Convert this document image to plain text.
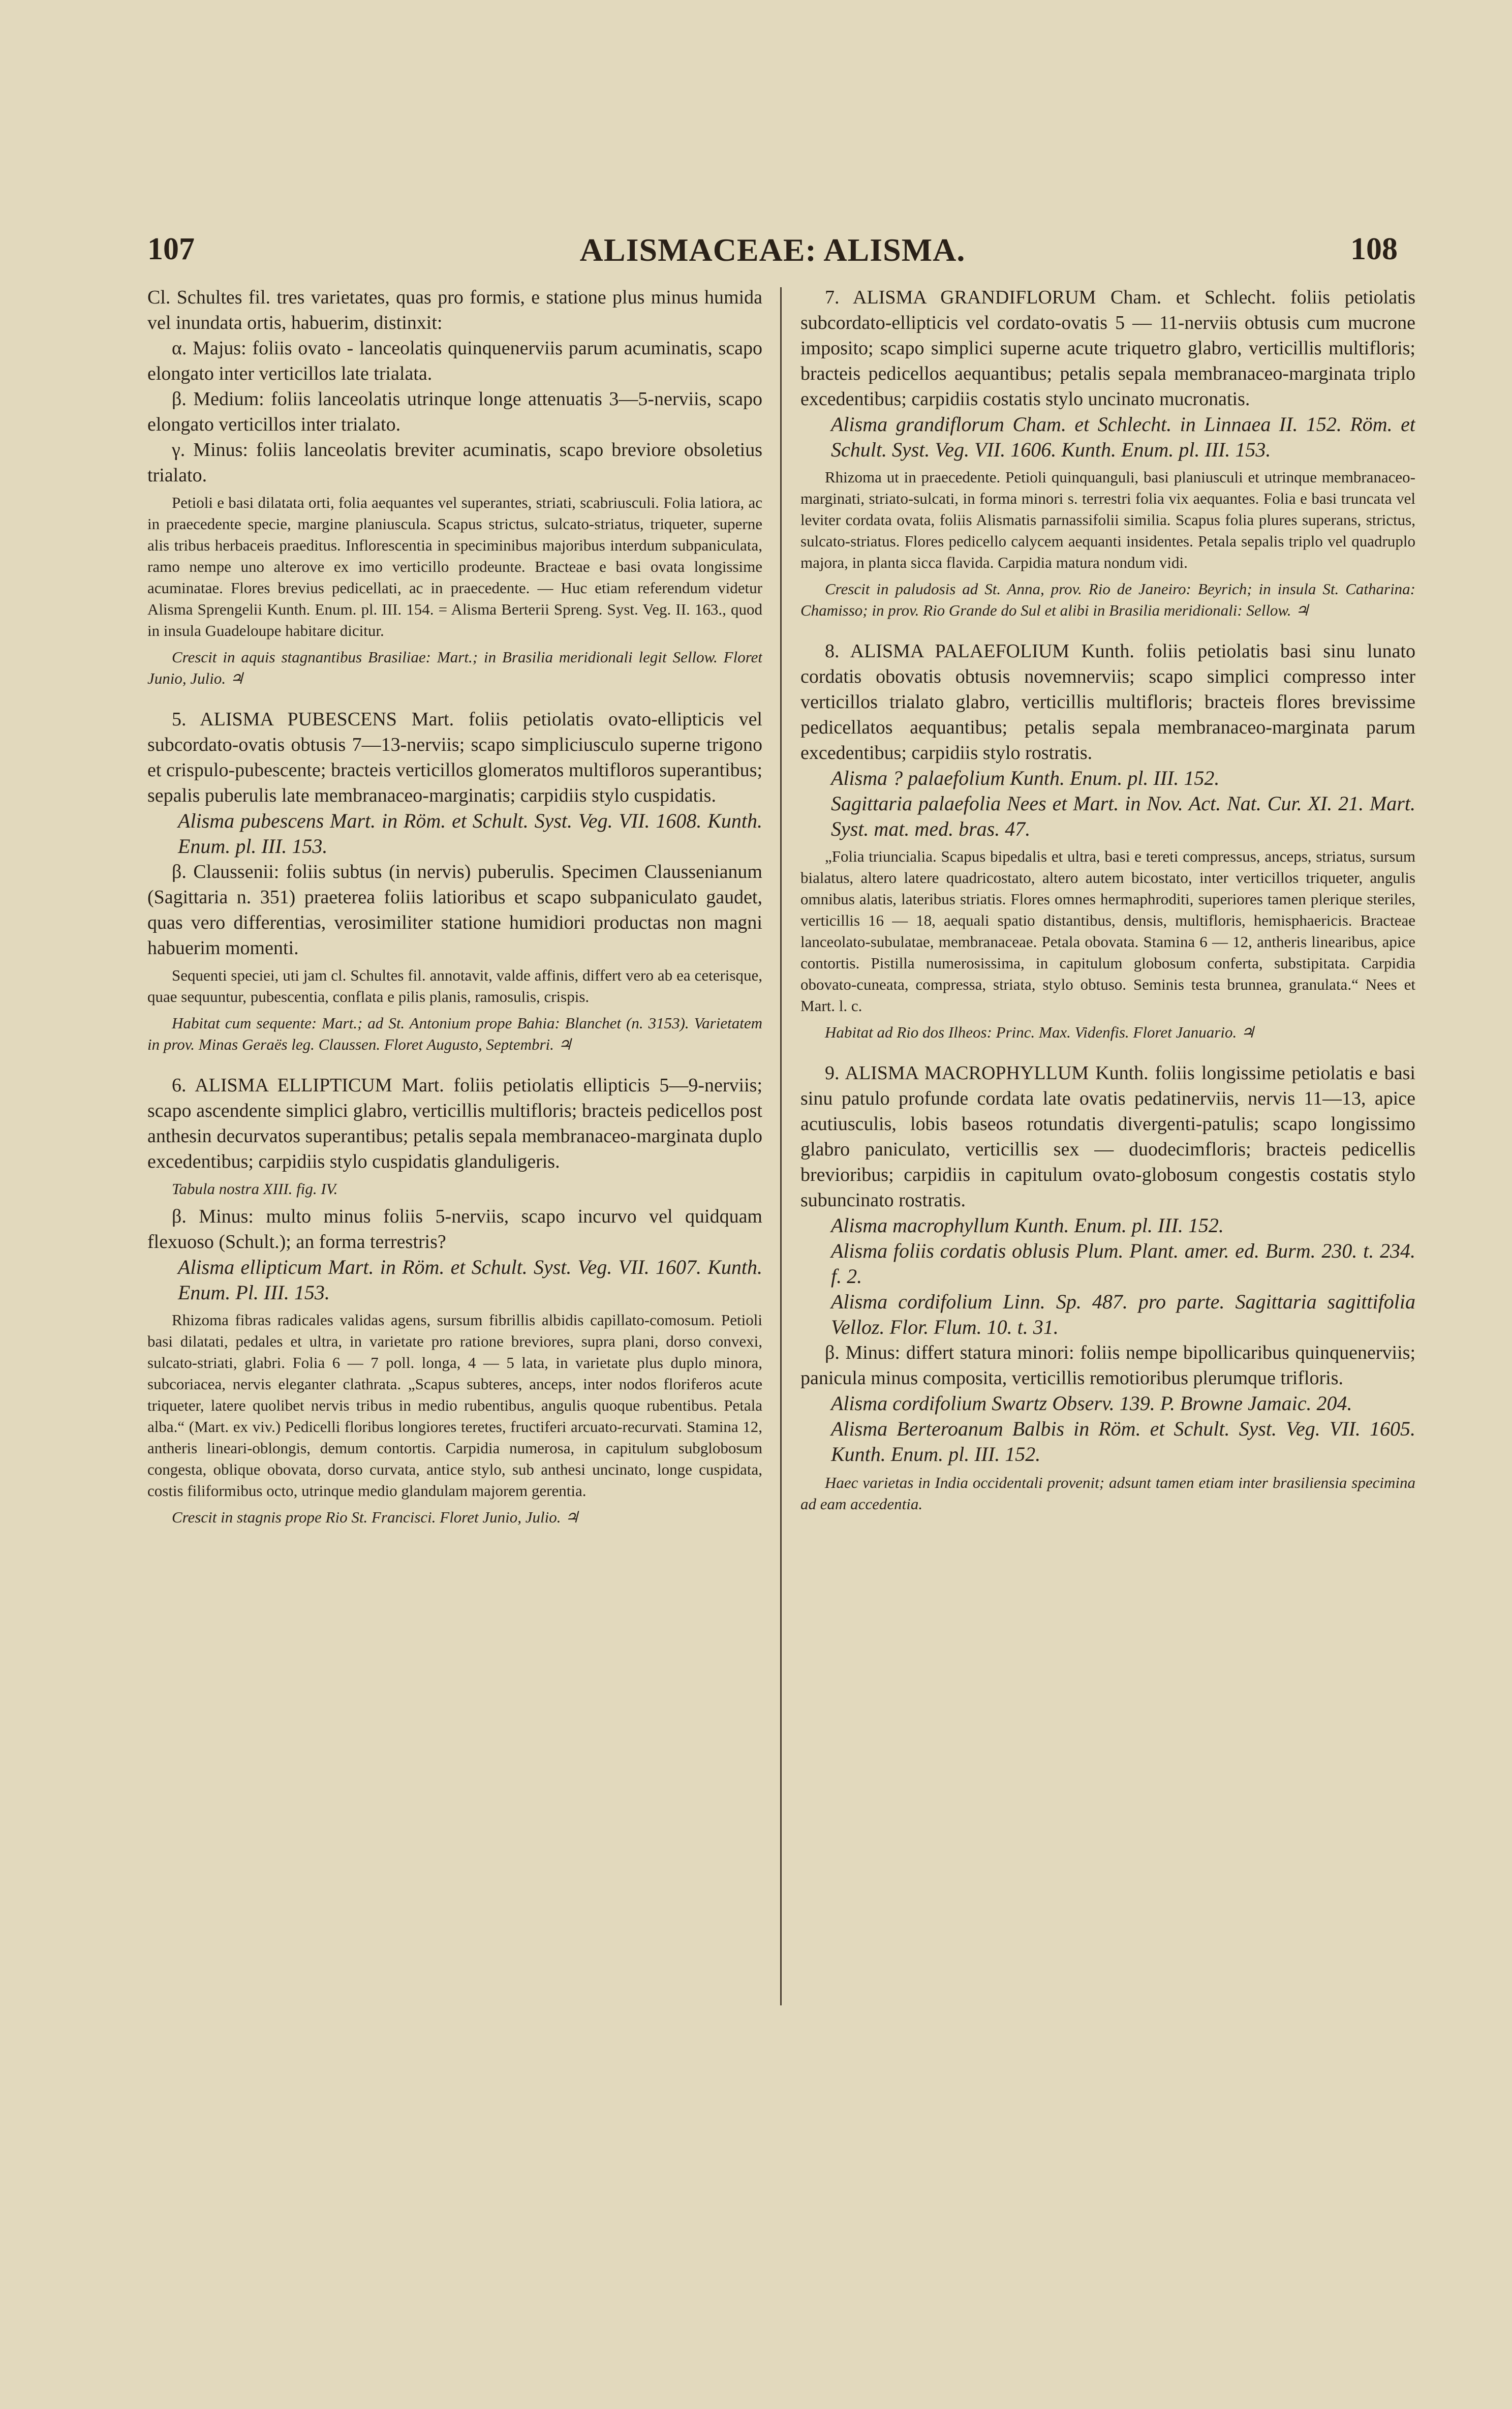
107	ALISMACEAE: ALISMA.	108

Cl. Schultes fil. tres varietates, quas pro formis, e statione plus minus humida vel inundata ortis, habuerim, distinxit:

α. Majus: foliis ovato - lanceolatis quinquenerviis parum acuminatis, scapo elongato inter verticillos late trialata.

β. Medium: foliis lanceolatis utrinque longe attenuatis 3—5-nerviis, scapo elongato verticillos inter trialato.

γ. Minus: foliis lanceolatis breviter acuminatis, scapo breviore obsoletius trialato.

Petioli e basi dilatata orti, folia aequantes vel superantes, striati, scabriusculi. Folia latiora, ac in praecedente specie, margine planiuscula. Scapus strictus, sulcato-striatus, triqueter, superne alis tribus herbaceis praeditus. Inflorescentia in speciminibus majoribus interdum subpaniculata, ramo nempe uno alterove ex imo verticillo prodeunte. Bracteae e basi ovata longissime acuminatae. Flores brevius pedicellati, ac in praecedente. — Huc etiam referendum videtur Alisma Sprengelii Kunth. Enum. pl. III. 154. = Alisma Berterii Spreng. Syst. Veg. II. 163., quod in insula Guadeloupe habitare dicitur.

Crescit in aquis stagnantibus Brasiliae: Mart.; in Brasilia meridionali legit Sellow. Floret Junio, Julio. ♃

5. ALISMA PUBESCENS Mart. foliis petiolatis ovato-ellipticis vel subcordato-ovatis obtusis 7—13-nerviis; scapo simpliciusculo superne trigono et crispulo-pubescente; bracteis verticillos glomeratos multifloros superantibus; sepalis puberulis late membranaceo-marginatis; carpidiis stylo cuspidatis.

Alisma pubescens Mart. in Röm. et Schult. Syst. Veg. VII. 1608. Kunth. Enum. pl. III. 153.

β. Claussenii: foliis subtus (in nervis) puberulis. Specimen Claussenianum (Sagittaria n. 351) praeterea foliis latioribus et scapo subpaniculato gaudet, quas vero differentias, verosimiliter statione humidiori productas non magni habuerim momenti.

Sequenti speciei, uti jam cl. Schultes fil. annotavit, valde affinis, differt vero ab ea ceterisque, quae sequuntur, pubescentia, conflata e pilis planis, ramosulis, crispis.

Habitat cum sequente: Mart.; ad St. Antonium prope Bahia: Blanchet (n. 3153). Varietatem in prov. Minas Geraës leg. Claussen. Floret Augusto, Septembri. ♃

6. ALISMA ELLIPTICUM Mart. foliis petiolatis ellipticis 5—9-nerviis; scapo ascendente simplici glabro, verticillis multifloris; bracteis pedicellos post anthesin decurvatos superantibus; petalis sepala membranaceo-marginata duplo excedentibus; carpidiis stylo cuspidatis glanduligeris.

Tabula nostra XIII. fig. IV.

β. Minus: multo minus foliis 5-nerviis, scapo incurvo vel quidquam flexuoso (Schult.); an forma terrestris?

Alisma ellipticum Mart. in Röm. et Schult. Syst. Veg. VII. 1607. Kunth. Enum. Pl. III. 153.

Rhizoma fibras radicales validas agens, sursum fibrillis albidis capillato-comosum. Petioli basi dilatati, pedales et ultra, in varietate pro ratione breviores, supra plani, dorso convexi, sulcato-striati, glabri. Folia 6 — 7 poll. longa, 4 — 5 lata, in varietate plus duplo minora, subcoriacea, nervis eleganter clathrata. „Scapus subteres, anceps, inter nodos floriferos acute triqueter, latere quolibet nervis tribus in medio rubentibus, angulis quoque rubentibus. Petala alba.“ (Mart. ex viv.) Pedicelli floribus longiores teretes, fructiferi arcuato-recurvati. Stamina 12, antheris lineari-oblongis, demum contortis. Carpidia numerosa, in capitulum subglobosum congesta, oblique obovata, dorso curvata, antice stylo, sub anthesi uncinato, longe cuspidata, costis filiformibus octo, utrinque medio glandulam majorem gerentia.

Crescit in stagnis prope Rio St. Francisci. Floret Junio, Julio. ♃

7. ALISMA GRANDIFLORUM Cham. et Schlecht. foliis petiolatis subcordato-ellipticis vel cordato-ovatis 5 — 11-nerviis obtusis cum mucrone imposito; scapo simplici superne acute triquetro glabro, verticillis multifloris; bracteis pedicellos aequantibus; petalis sepala membranaceo-marginata triplo excedentibus; carpidiis costatis stylo uncinato mucronatis.

Alisma grandiflorum Cham. et Schlecht. in Linnaea II. 152. Röm. et Schult. Syst. Veg. VII. 1606. Kunth. Enum. pl. III. 153.

Rhizoma ut in praecedente. Petioli quinquanguli, basi planiusculi et utrinque membranaceo-marginati, striato-sulcati, in forma minori s. terrestri folia vix aequantes. Folia e basi truncata vel leviter cordata ovata, foliis Alismatis parnassifolii similia. Scapus folia plures superans, strictus, sulcato-striatus. Flores pedicello calycem aequanti insidentes. Petala sepalis triplo vel quadruplo majora, in planta sicca flavida. Carpidia matura nondum vidi.

Crescit in paludosis ad St. Anna, prov. Rio de Janeiro: Beyrich; in insula St. Catharina: Chamisso; in prov. Rio Grande do Sul et alibi in Brasilia meridionali: Sellow. ♃

8. ALISMA PALAEFOLIUM Kunth. foliis petiolatis basi sinu lunato cordatis obovatis obtusis novemnerviis; scapo simplici compresso inter verticillos trialato glabro, verticillis multifloris; bracteis flores brevissime pedicellatos aequantibus; petalis sepala membranaceo-marginata parum excedentibus; carpidiis stylo rostratis.

Alisma ? palaefolium Kunth. Enum. pl. III. 152.

Sagittaria palaefolia Nees et Mart. in Nov. Act. Nat. Cur. XI. 21. Mart. Syst. mat. med. bras. 47.

„Folia triuncialia. Scapus bipedalis et ultra, basi e tereti compressus, anceps, striatus, sursum bialatus, altero latere quadricostato, altero autem bicostato, inter verticillos triqueter, angulis omnibus alatis, lateribus striatis. Flores omnes hermaphroditi, superiores tamen plerique steriles, verticillis 16 — 18, aequali spatio distantibus, densis, multifloris, hemisphaericis. Bracteae lanceolato-subulatae, membranaceae. Petala obovata. Stamina 6 — 12, antheris linearibus, apice contortis. Pistilla numerosissima, in capitulum globosum conferta, substipitata. Carpidia obovato-cuneata, compressa, striata, stylo obtuso. Seminis testa brunnea, granulata.“ Nees et Mart. l. c.

Habitat ad Rio dos Ilheos: Princ. Max. Videnfis. Floret Januario. ♃

9. ALISMA MACROPHYLLUM Kunth. foliis longissime petiolatis e basi sinu patulo profunde cordata late ovatis pedatinerviis, nervis 11—13, apice acutiusculis, lobis baseos rotundatis divergenti-patulis; scapo longissimo glabro paniculato, verticillis sex — duodecimfloris; bracteis pedicellis brevioribus; carpidiis in capitulum ovato-globosum congestis costatis stylo subuncinato rostratis.

Alisma macrophyllum Kunth. Enum. pl. III. 152.

Alisma foliis cordatis oblusis Plum. Plant. amer. ed. Burm. 230. t. 234. f. 2.

Alisma cordifolium Linn. Sp. 487. pro parte. Sagittaria sagittifolia Velloz. Flor. Flum. 10. t. 31.

β. Minus: differt statura minori: foliis nempe bipollicaribus quinquenerviis; panicula minus composita, verticillis remotioribus plerumque trifloris.

Alisma cordifolium Swartz Observ. 139. P. Browne Jamaic. 204.

Alisma Berteroanum Balbis in Röm. et Schult. Syst. Veg. VII. 1605. Kunth. Enum. pl. III. 152.

Haec varietas in India occidentali provenit; adsunt tamen etiam inter brasiliensia specimina ad eam accedentia.
